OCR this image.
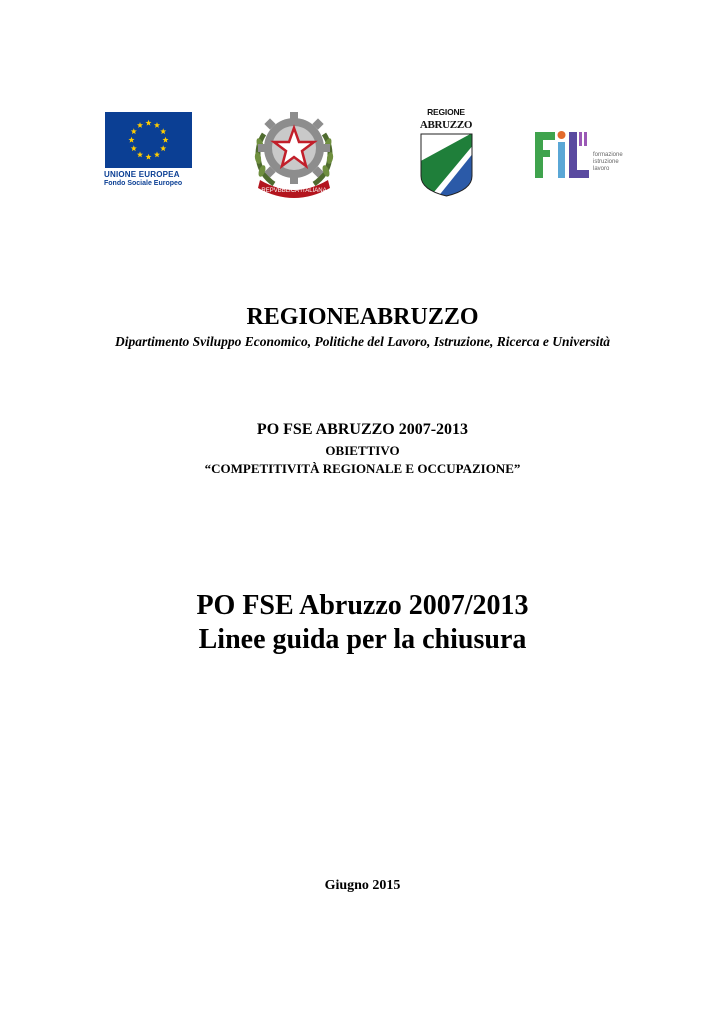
UNIONE EUROPEA
Fondo Sociale Europeo
REPVBBLICA ITALIANA
REGIONE
ABRUZZO
formazione
istruzione
lavoro
REGIONEABRUZZO
Dipartimento Sviluppo Economico, Politiche del Lavoro, Istruzione, Ricerca e Università
PO FSE ABRUZZO 2007-2013
OBIETTIVO
“COMPETITIVITÀ REGIONALE E OCCUPAZIONE”
PO FSE Abruzzo 2007/2013
Linee guida per la chiusura
Giugno 2015
